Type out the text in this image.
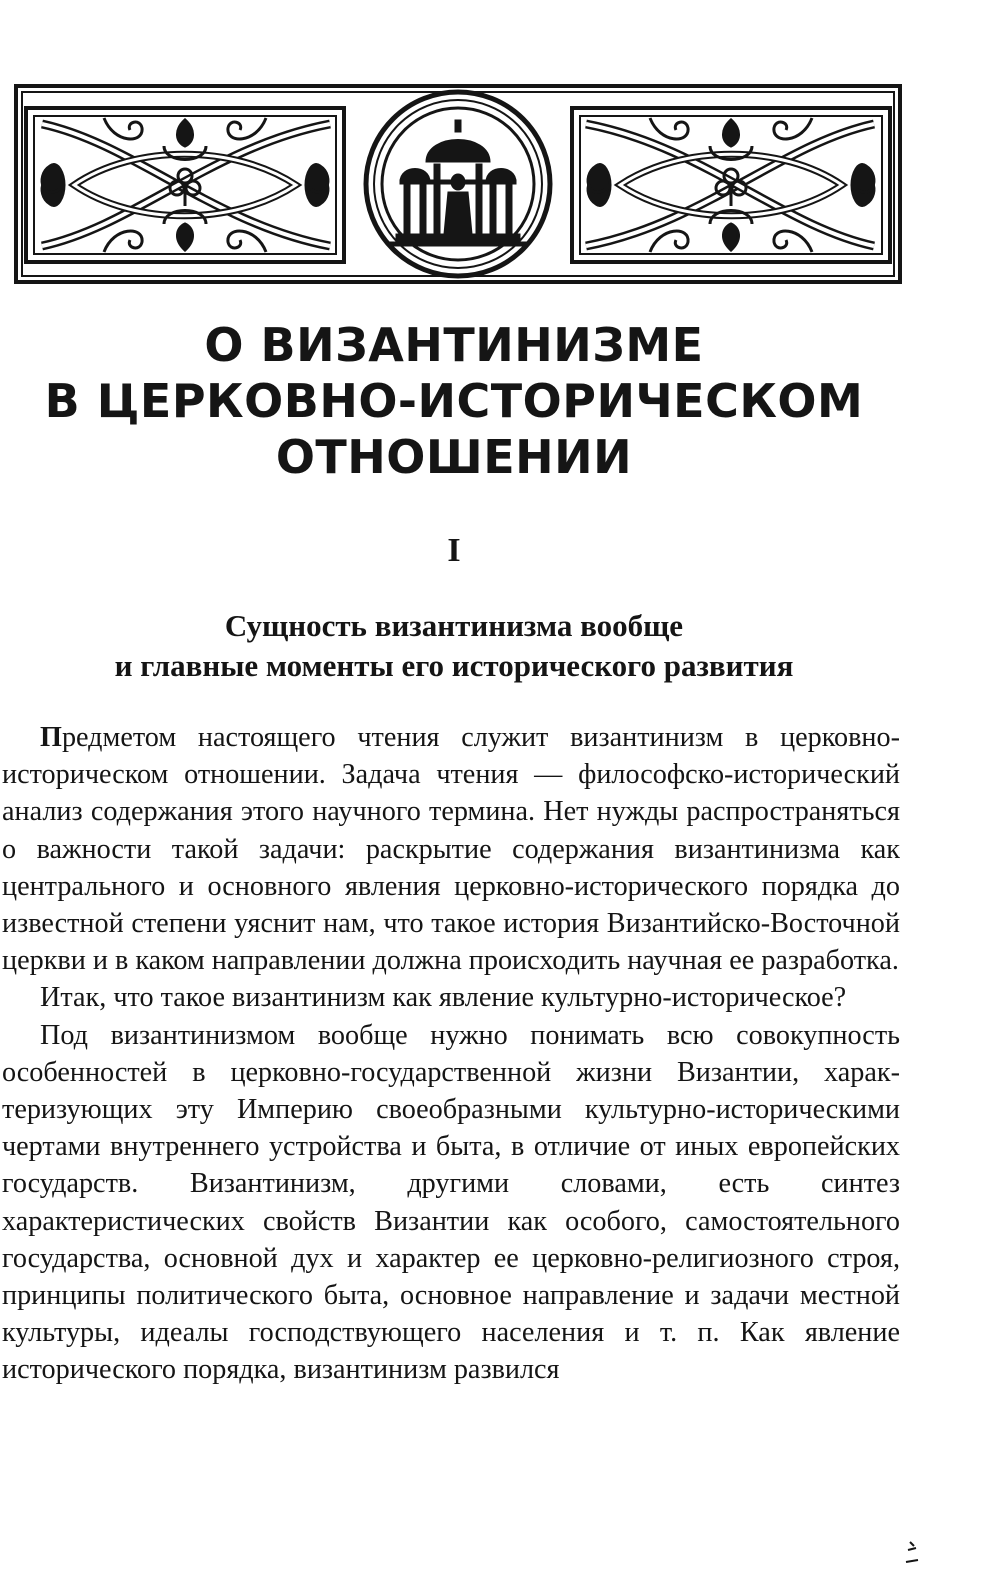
О ВИЗАНТИНИЗМЕ
В ЦЕРКОВНО-ИСТОРИЧЕСКОМ
ОТНОШЕНИИ
I
Сущность византинизма вообще
и главные моменты его исторического развития

Предметом настоящего чтения служит византинизм в церковно-историческом отношении. Задача чтения — философско-исторический анализ содержания этого научного термина. Нет нужды распространяться о важности такой задачи: раскрытие содержания византинизма как центрального и основного явления церковно-исторического порядка до известной степени уяснит нам, что такое история Византийско-Восточной церкви и в каком направлении должна происходить научная ее разработка.

Итак, что такое византинизм как явление культурно-историческое?

Под византинизмом вообще нужно понимать всю совокупность особенностей в церковно-государственной жизни Византии, характеризующих эту Империю своеобразными культурно-историческими чертами внутреннего устройства и быта, в отличие от иных европейских государств. Византинизм, другими словами, есть синтез характеристических свойств Византии как особого, самостоятельного государства, основной дух и характер ее церковно-религиозного строя, принципы политического быта, основное направление и задачи местной культуры, идеалы господствующего населения и т. п. Как явление исторического порядка, византинизм развился
